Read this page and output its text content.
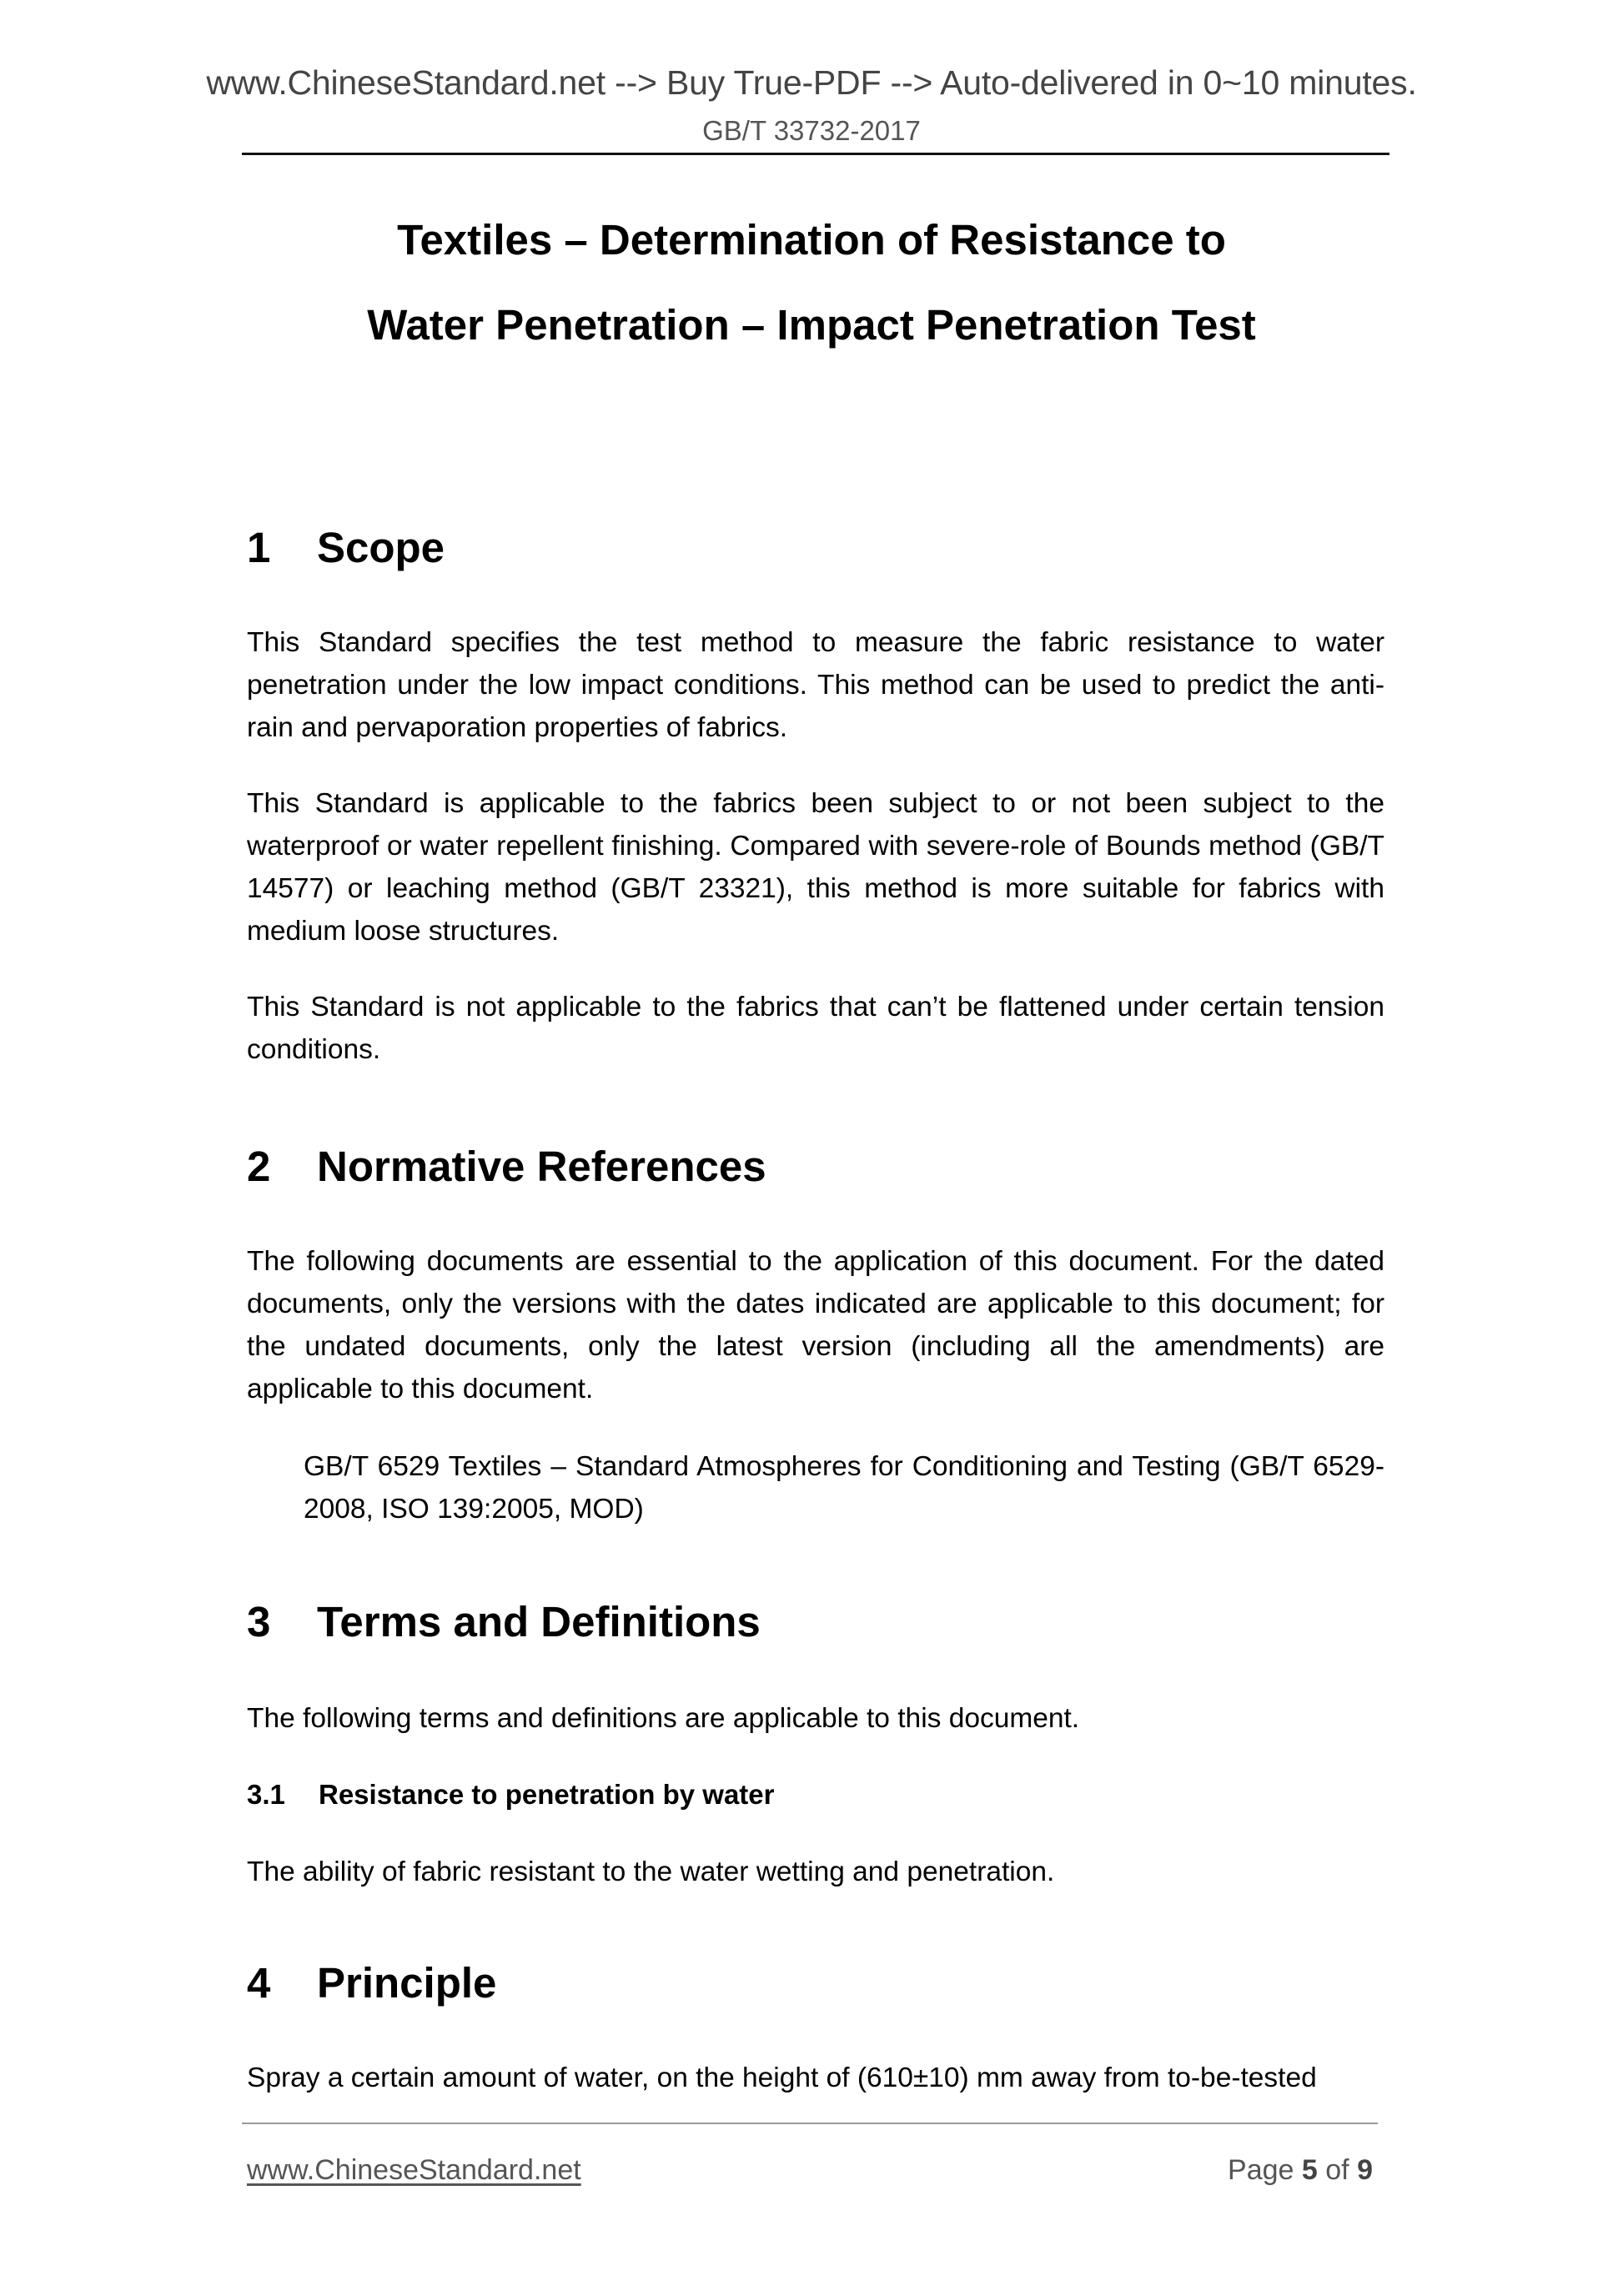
www.ChineseStandard.net --> Buy True-PDF --> Auto-delivered in 0~10 minutes.
GB/T 33732-2017
Textiles – Determination of Resistance to
Water Penetration – Impact Penetration Test
1 Scope
This Standard specifies the test method to measure the fabric resistance to water penetration under the low impact conditions. This method can be used to predict the anti-rain and pervaporation properties of fabrics.
This Standard is applicable to the fabrics been subject to or not been subject to the waterproof or water repellent finishing. Compared with severe-role of Bounds method (GB/T 14577) or leaching method (GB/T 23321), this method is more suitable for fabrics with medium loose structures.
This Standard is not applicable to the fabrics that can’t be flattened under certain tension conditions.
2 Normative References
The following documents are essential to the application of this document. For the dated documents, only the versions with the dates indicated are applicable to this document; for the undated documents, only the latest version (including all the amendments) are applicable to this document.
GB/T 6529 Textiles – Standard Atmospheres for Conditioning and Testing (GB/T 6529-2008, ISO 139:2005, MOD)
3 Terms and Definitions
The following terms and definitions are applicable to this document.
3.1 Resistance to penetration by water
The ability of fabric resistant to the water wetting and penetration.
4 Principle
Spray a certain amount of water, on the height of (610±10) mm away from to-be-tested
www.ChineseStandard.net	Page 5 of 9
